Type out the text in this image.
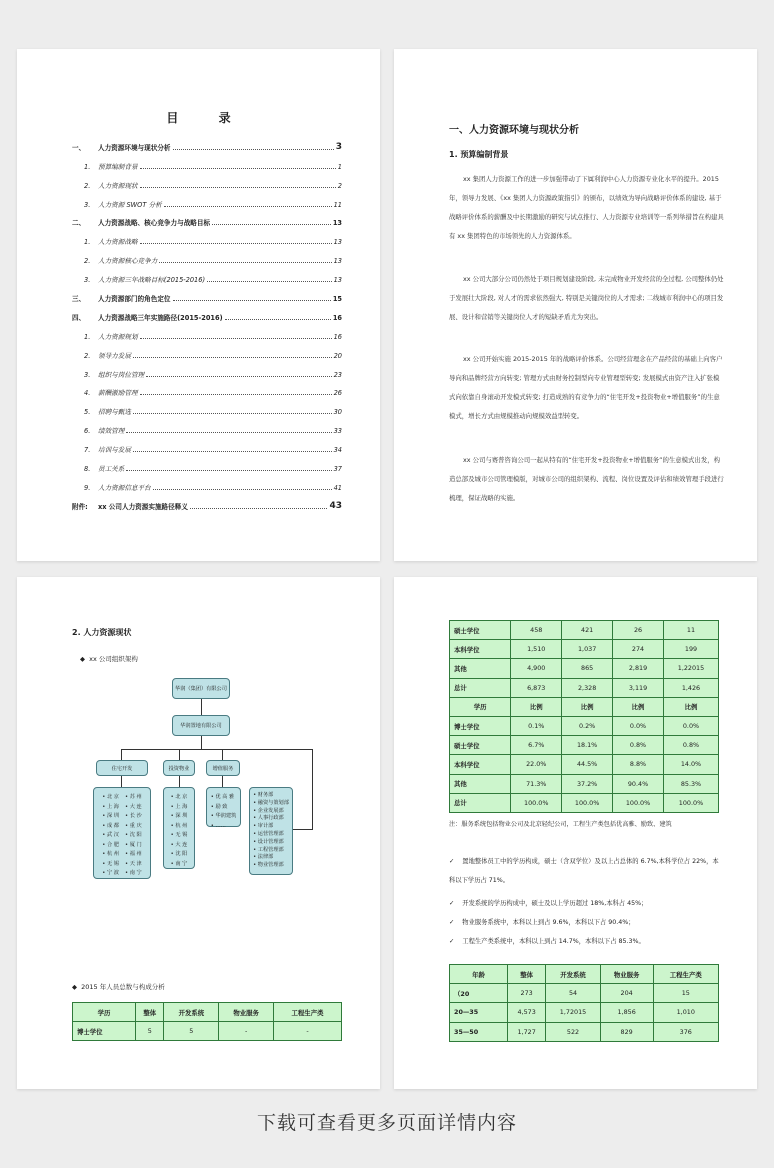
目 录
一、	人力资源环境与现状分析	3
1.	预算编制背景	1
2.	人力资源现状	2
3.	人力资源 SWOT 分析	11
二、	人力资源战略、核心竞争力与战略目标	13
1.	人力资源战略	13
2.	人力资源核心竞争力	13
3.	人力资源三年战略目标(2015-2016)	13
三、	人力资源部门的角色定位	15
四、	人力资源战略三年实施路径(2015-2016)	16
1.	人力资源规划	16
2.	领导力发展	20
3.	组织与岗位管理	23
4.	薪酬激励管理	26
5.	招聘与甄选	30
6.	绩效管理	33
7.	培训与发展	34
8.	员工关系	37
9.	人力资源信息平台	41
附件:	xx 公司人力资源实施路径释义	43
一、人力资源环境与现状分析
1. 预算编制背景
xx 集团人力资源工作的进一步加强带动了下属利润中心人力资源专业化水平的提升。2015 年，领导力发展、《xx 集团人力资源政策指引》的颁布，以绩效为导向战略评价体系的建设, 基于战略评价体系的薪酬及中长期激励的研究与试点推行、人力资源专业培训等一系列举措旨在构建具有 xx 集团特色的市场领先的人力资源体系。
xx 公司大部分公司仍然处于项目规划建设阶段, 未完成物业开发经营的全过程, 公司整体仍处于发展壮大阶段, 对人才的需求依然强大, 特别是关键岗位的人才需求; 二线城市利润中心的项目发展、设计和营销等关键岗位人才的短缺矛盾尤为突出。
xx 公司开始实施 2015-2015 年的战略评价体系。公司经营理念在产品经营的基础上向客户导向和品牌经营方向转变; 管理方式由财务控制型向专业管理型转变; 发展模式由资产注入扩张模式向依靠自身滚动开发模式转变; 打造成熟的有竞争力的“住宅开发+投资物业+增值服务”的生意模式，增长方式由规模推动向规模效益型转变。
xx 公司与赛普咨询公司一起从特有的“住宅开发+投资物业+增值服务”的生意模式出发，构造总部及城市公司管理模版，对城市公司的组织架构、流程、岗位设置及评估和绩效管理手段进行梳理，保证战略的实施。
2. 人力资源现状
◆  xx 公司组织架构
华润（集团）有限公司
华润置地有限公司
住宅开发	投资物业	增值服务
• 北 京
• 上 海
• 深 圳
• 成 都
• 武 汉
• 合 肥
• 杭 州
• 无 锡
• 宁 波
• 苏 州
• 大 连
• 长 沙
• 重 庆
• 沈 阳
• 厦 门
• 福 州
• 天 津
• 南 宁
• 北 京
• 上 海
• 深 圳
• 杭 州
• 无 锡
• 大 连
• 沈 阳
• 南 宁
• 优 高 雅
• 励 致
• 华润建筑
• ……
• 财务部
• 融资与策划部
• 企业发展部
• 人事行政部
• 审计部
• 运营管理部
• 设计管理部
• 工程管理部
• 法律部
• 物业管理部
◆  2015 年人员总数与构成分析
学历	整体	开发系统	物业服务	工程生产类
博士学位	5	5	-	-
硕士学位	458	421	26	11
本科学位	1,510	1,037	274	199
其他	4,900	865	2,819	1,22015
总计	6,873	2,328	3,119	1,426
学历	比例	比例	比例	比例
博士学位	0.1%	0.2%	0.0%	0.0%
硕士学位	6.7%	18.1%	0.8%	0.8%
本科学位	22.0%	44.5%	8.8%	14.0%
其他	71.3%	37.2%	90.4%	85.3%
总计	100.0%	100.0%	100.0%	100.0%
注：服务系统包括物业公司及北京轻纪公司，工程生产类包括优高雅、励致、建筑
✓ 置地整体员工中的学历构成，硕士（含双学位）及以上占总体的 6.7%,本科学位占 22%，本科以下学历占 71%。
✓ 开发系统的学历构成中，硕士及以上学历超过 18%,本科占 45%；
✓ 物业服务系统中，本科以上到占 9.6%，本科以下占 90.4%；
✓ 工程生产类系统中，本科以上到占 14.7%，本科以下占 85.3%。
年龄	整体	开发系统	物业服务	工程生产类
（20	273	54	204	15
20—35	4,573	1,72015	1,856	1,010
35—50	1,727	522	829	376
下载可查看更多页面详情内容
